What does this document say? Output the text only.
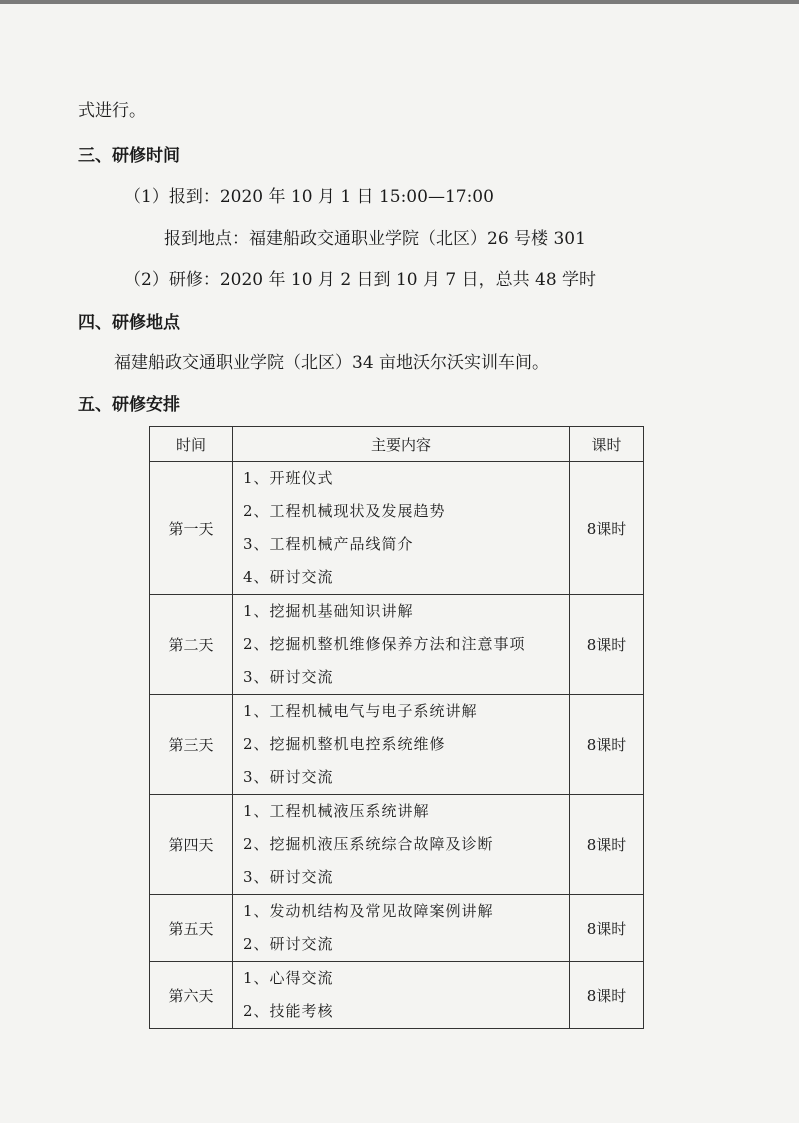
式进行。
三、研修时间
（1）报到：2020 年 10 月 1 日 15:00—17:00
报到地点：福建船政交通职业学院（北区）26 号楼 301
（2）研修：2020 年 10 月 2 日到 10 月 7 日，总共 48 学时
四、研修地点
福建船政交通职业学院（北区）34 亩地沃尔沃实训车间。
五、研修安排
时间	主要内容	课时
第一天	1、开班仪式
2、工程机械现状及发展趋势
3、工程机械产品线简介
4、研讨交流	8课时
第二天	1、挖掘机基础知识讲解
2、挖掘机整机维修保养方法和注意事项
3、研讨交流	8课时
第三天	1、工程机械电气与电子系统讲解
2、挖掘机整机电控系统维修
3、研讨交流	8课时
第四天	1、工程机械液压系统讲解
2、挖掘机液压系统综合故障及诊断
3、研讨交流	8课时
第五天	1、发动机结构及常见故障案例讲解
2、研讨交流	8课时
第六天	1、心得交流
2、技能考核	8课时
